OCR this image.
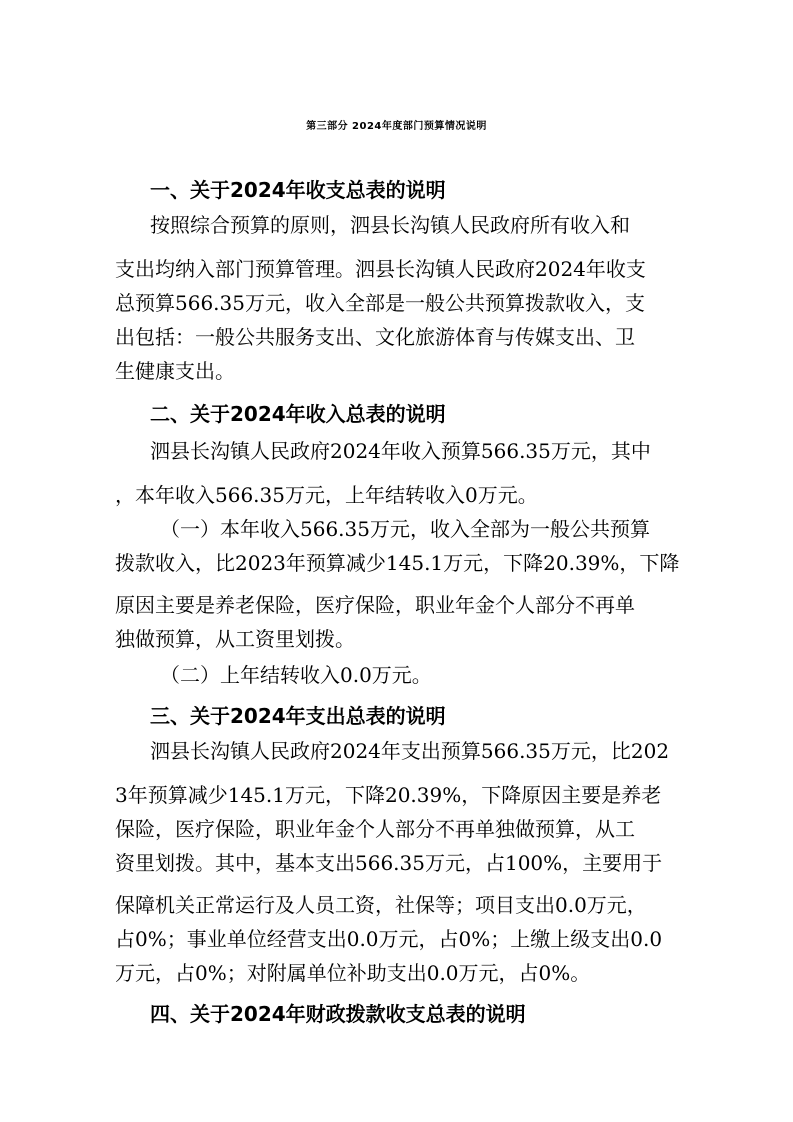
第三部分 2024年度部门预算情况说明
一、关于2024年收支总表的说明
按照综合预算的原则，泗县长沟镇人民政府所有收入和
支出均纳入部门预算管理。泗县长沟镇人民政府2024年收支
总预算566.35万元，收入全部是一般公共预算拨款收入，支
出包括：一般公共服务支出、文化旅游体育与传媒支出、卫
生健康支出。
二、关于2024年收入总表的说明
泗县长沟镇人民政府2024年收入预算566.35万元，其中
，本年收入566.35万元，上年结转收入0万元。
（一）本年收入566.35万元，收入全部为一般公共预算
拨款收入，比2023年预算减少145.1万元，下降20.39%，下降
原因主要是养老保险，医疗保险，职业年金个人部分不再单
独做预算，从工资里划拨。
（二）上年结转收入0.0万元。
三、关于2024年支出总表的说明
泗县长沟镇人民政府2024年支出预算566.35万元，比202
3年预算减少145.1万元，下降20.39%，下降原因主要是养老
保险，医疗保险，职业年金个人部分不再单独做预算，从工
资里划拨。其中，基本支出566.35万元，占100%，主要用于
保障机关正常运行及人员工资，社保等；项目支出0.0万元，
占0%；事业单位经营支出0.0万元，占0%；上缴上级支出0.0
万元，占0%；对附属单位补助支出0.0万元，占0%。
四、关于2024年财政拨款收支总表的说明
